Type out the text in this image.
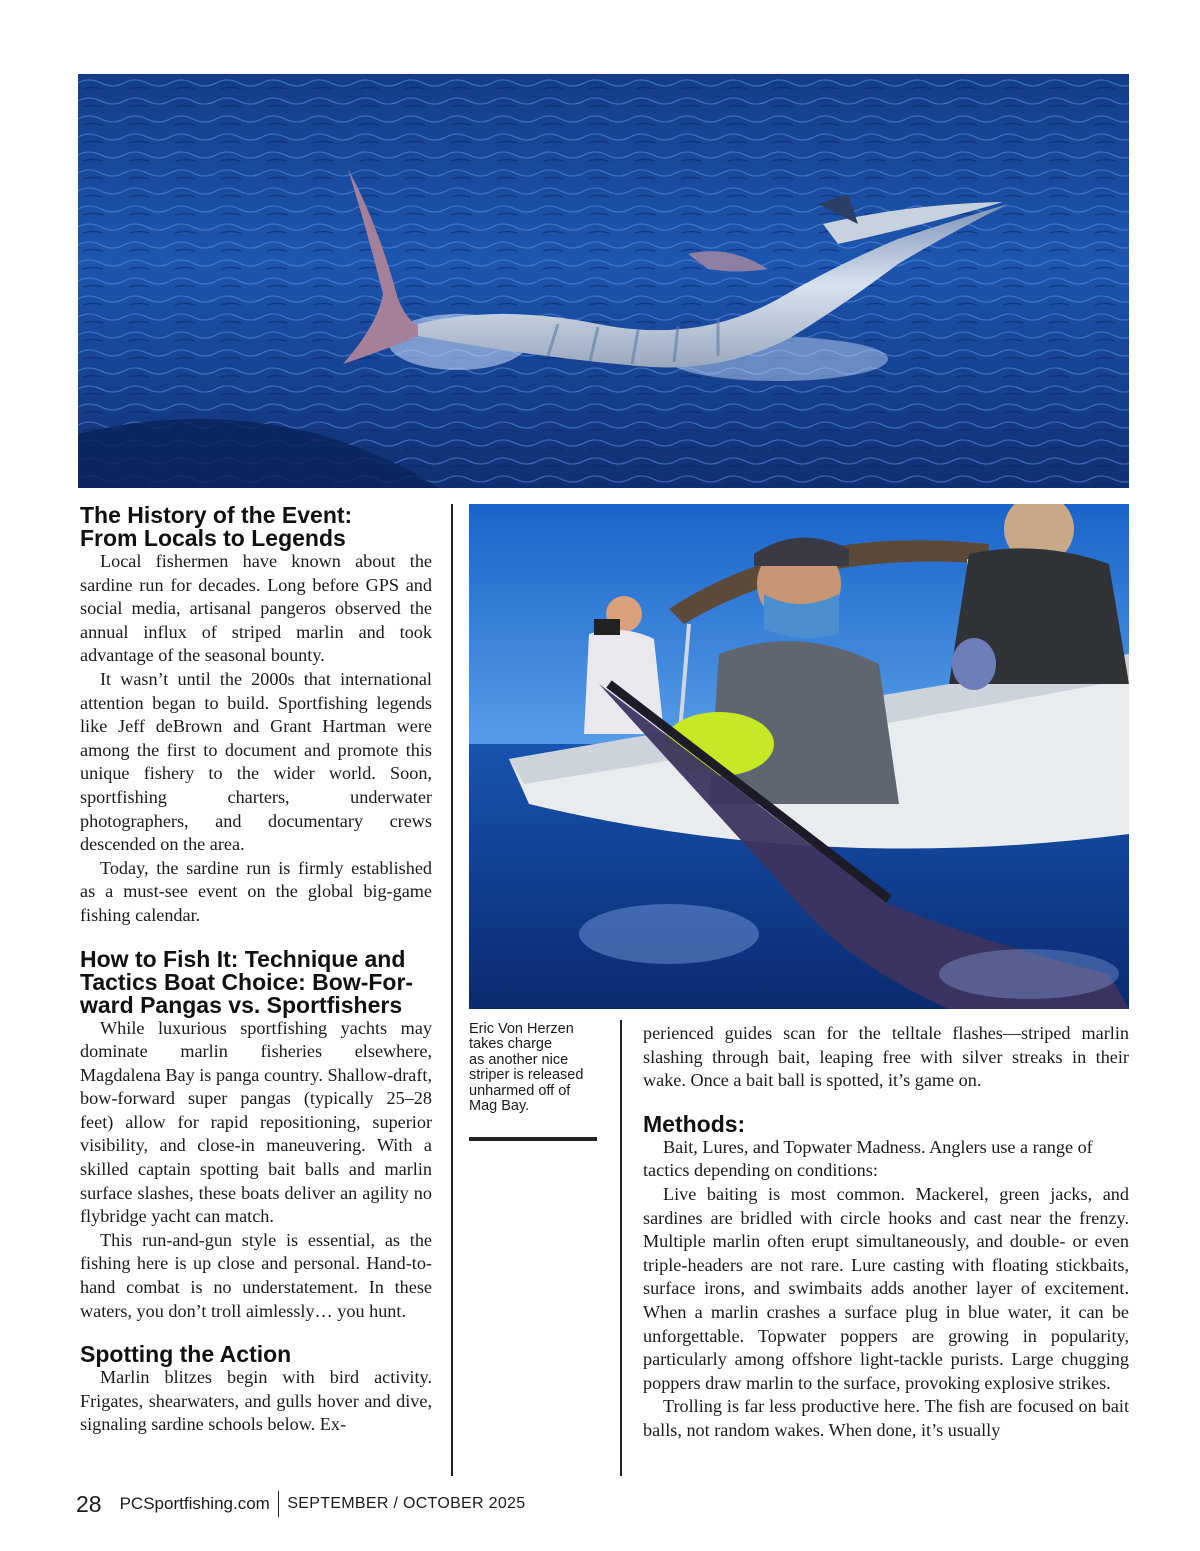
The History of the Event:
From Locals to Legends

Local fishermen have known about the sardine run for decades. Long before GPS and social media, artisanal pangeros observed the annual influx of striped marlin and took advantage of the seasonal bounty.

It wasn’t until the 2000s that international attention began to build. Sportfishing legends like Jeff deBrown and Grant Hartman were among the first to document and promote this unique fishery to the wider world. Soon, sportfishing charters, underwater photographers, and documentary crews descended on the area.

Today, the sardine run is firmly established as a must-see event on the global big-game fishing calendar.

How to Fish It: Technique and
Tactics Boat Choice: Bow-For-
ward Pangas vs. Sportfishers

While luxurious sportfishing yachts may dominate marlin fisheries elsewhere, Magdalena Bay is panga country. Shallow-draft, bow-forward super pangas (typically 25–28 feet) allow for rapid repositioning, superior visibility, and close-in maneuvering. With a skilled captain spotting bait balls and marlin surface slashes, these boats deliver an agility no flybridge yacht can match.

This run-and-gun style is essential, as the fishing here is up close and personal. Hand-to-hand combat is no understatement. In these waters, you don’t troll aimlessly… you hunt.

Spotting the Action

Marlin blitzes begin with bird activity. Frigates, shearwaters, and gulls hover and dive, signaling sardine schools below. Ex-

Eric Von Herzen
takes charge
as another nice
striper is released
unharmed off of
Mag Bay.

perienced guides scan for the telltale flashes—striped marlin slashing through bait, leaping free with silver streaks in their wake. Once a bait ball is spotted, it’s game on.

Methods:

Bait, Lures, and Topwater Madness. Anglers use a range of tactics depending on conditions:

Live baiting is most common. Mackerel, green jacks, and sardines are bridled with circle hooks and cast near the frenzy. Multiple marlin often erupt simultaneously, and double- or even triple-headers are not rare. Lure casting with floating stickbaits, surface irons, and swimbaits adds another layer of excitement. When a marlin crashes a surface plug in blue water, it can be unforgettable. Topwater poppers are growing in popularity, particularly among offshore light-tackle purists. Large chugging poppers draw marlin to the surface, provoking explosive strikes.

Trolling is far less productive here. The fish are focused on bait balls, not random wakes. When done, it’s usually

28 PCSportfishing.com SEPTEMBER / OCTOBER 2025
